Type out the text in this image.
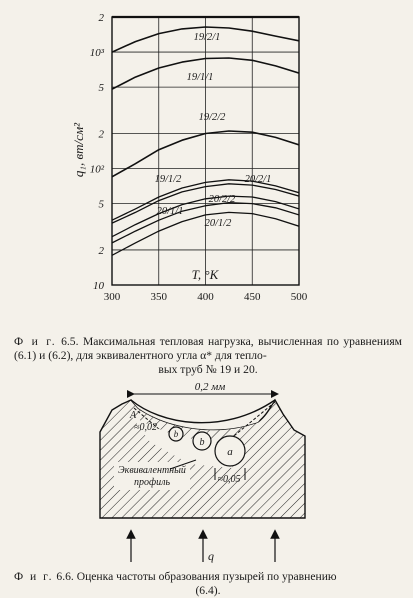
2
10³
5
2
10²
5
2
10
300	350	400	450	500
19/2/1
19/1/1
19/2/2
19/1/2	20/2/1
20/2/2
20/1/1
20/1/2
q₁, вт/см²
T, °K
Ф и г. 6.5. Максимальная тепловая нагрузка, вычисленная по уравнениям (6.1) и (6.2), для эквивалентного угла α* для тепло-
вых труб № 19 и 20.
0,2 мм
≈0,05
A
≈0,02
b
b
a
Эквивалентный
профиль
q
Ф и г. 6.6. Оценка частоты образования пузырей по уравнению
(6.4).
